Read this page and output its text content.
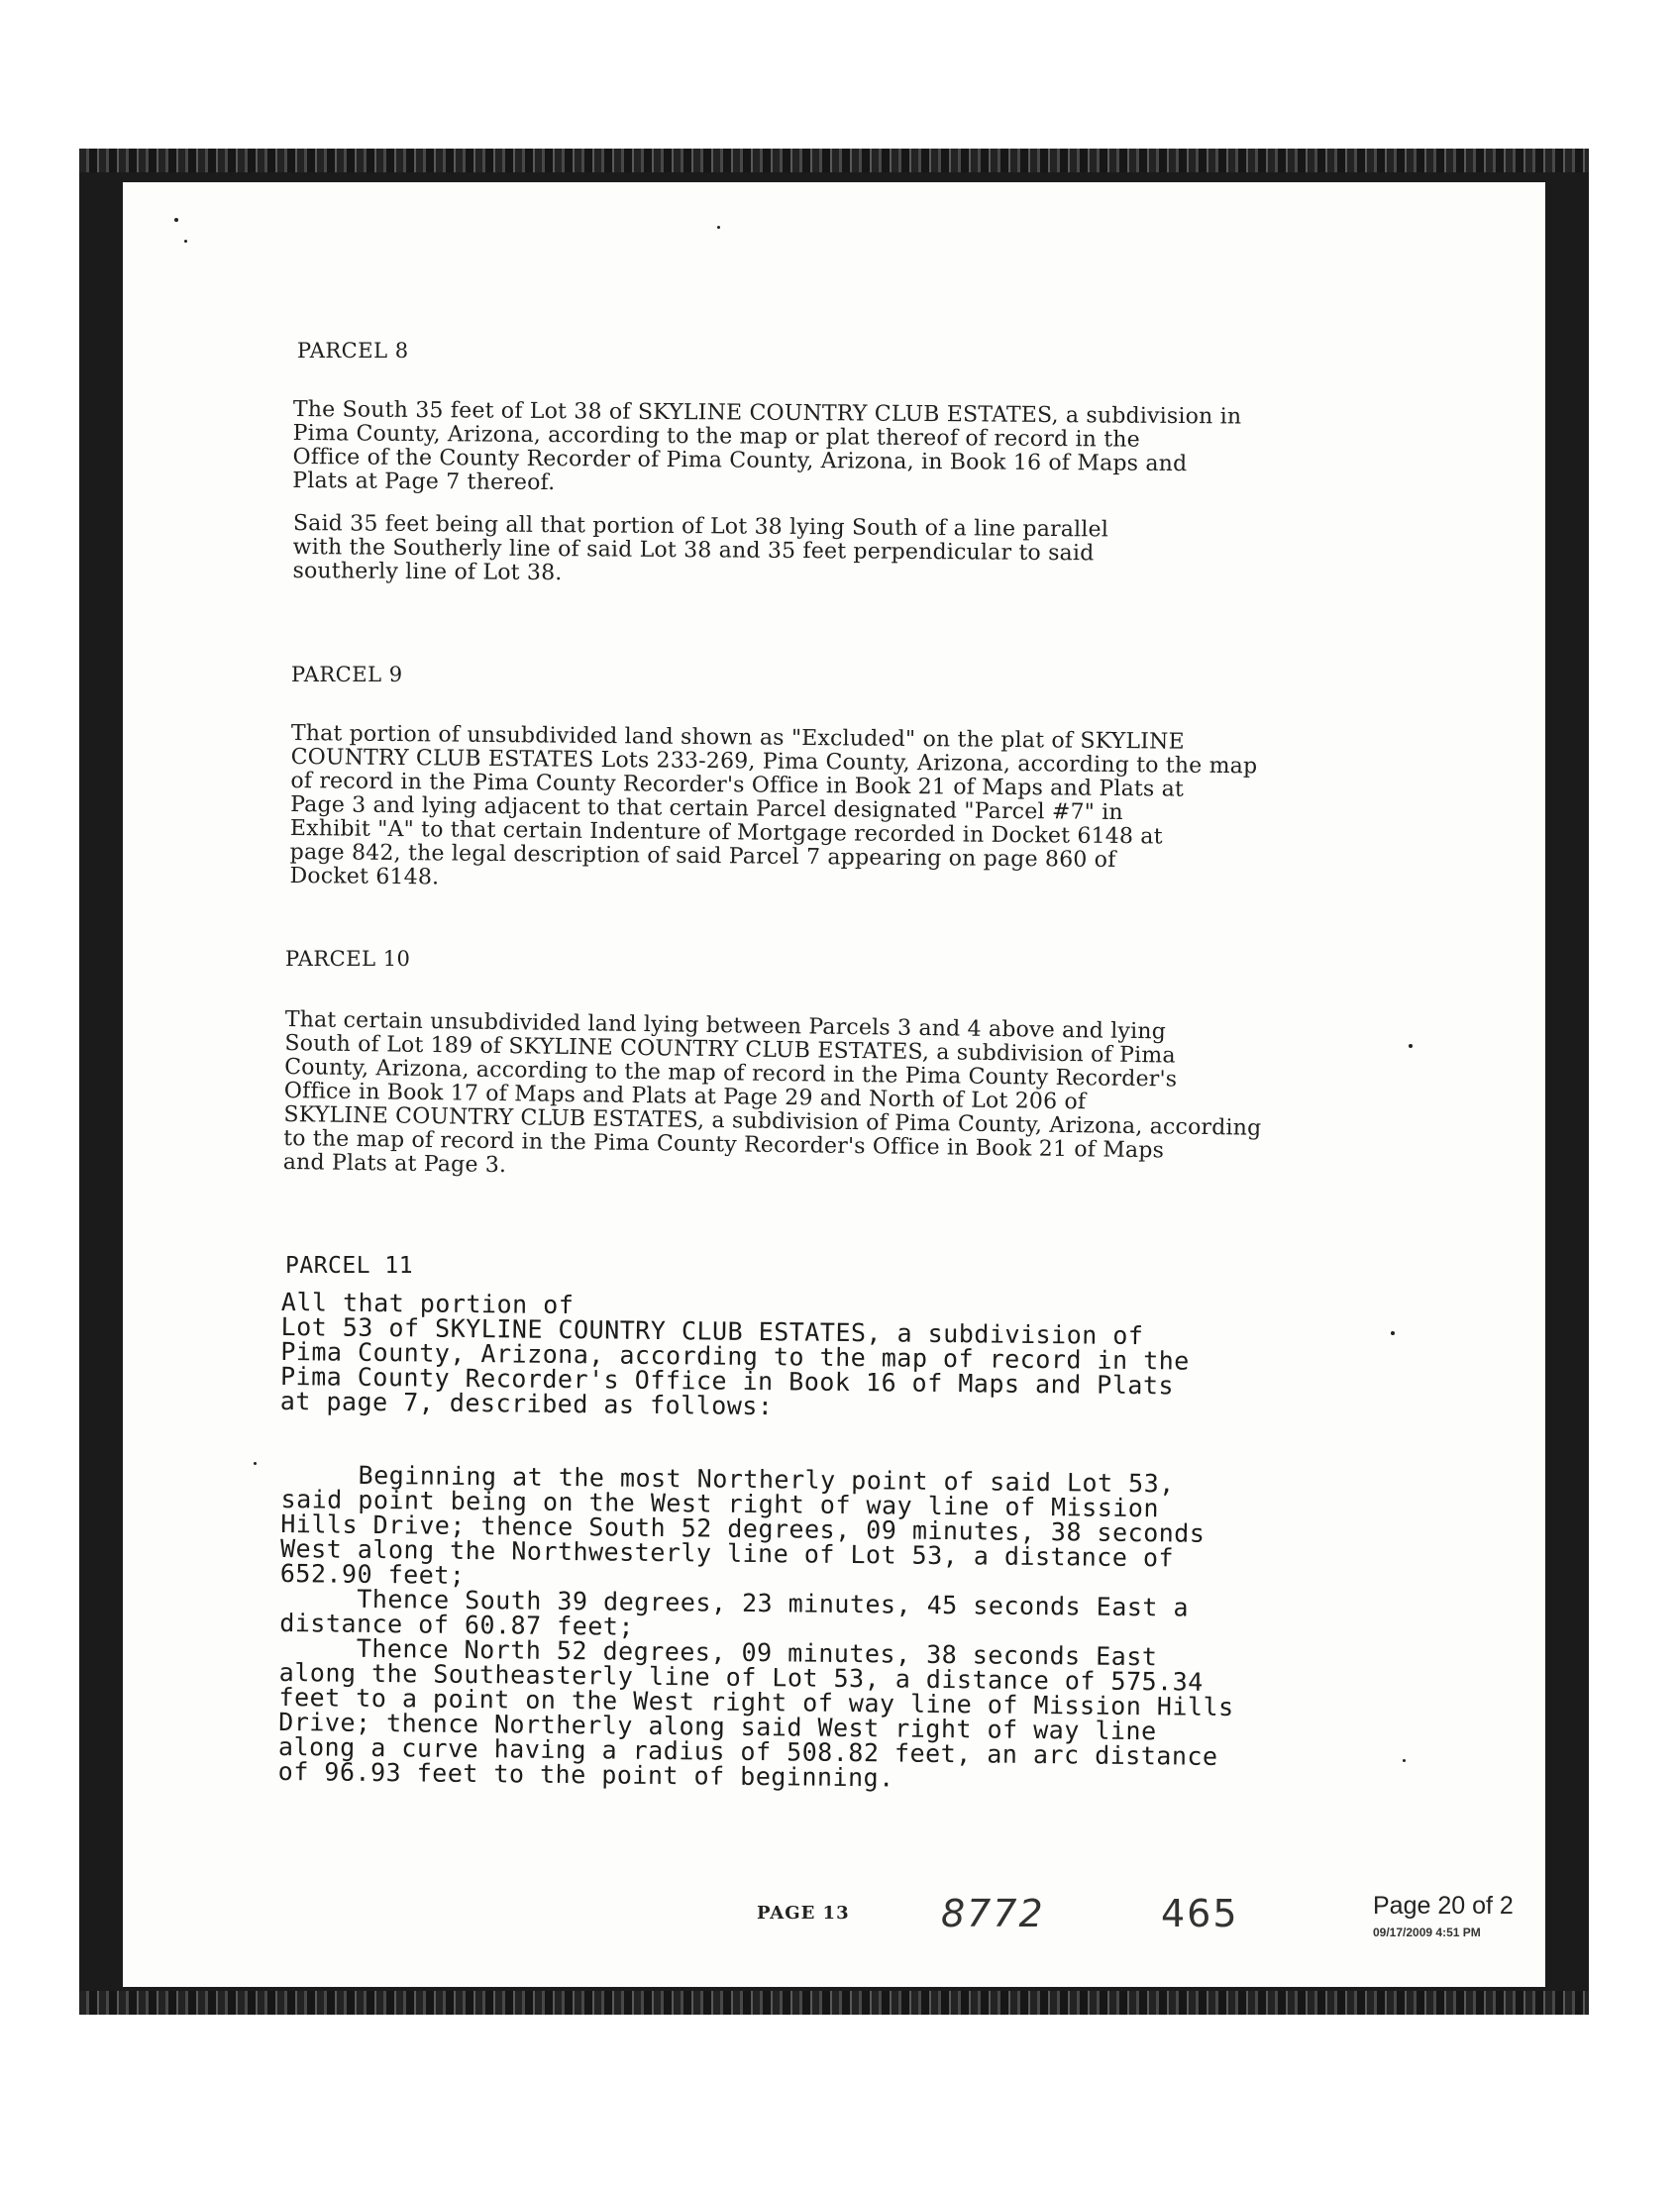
PARCEL 8
The South 35 feet of Lot 38 of SKYLINE COUNTRY CLUB ESTATES, a subdivision in
Pima County, Arizona, according to the map or plat thereof of record in the
Office of the County Recorder of Pima County, Arizona, in Book 16 of Maps and
Plats at Page 7 thereof.
Said 35 feet being all that portion of Lot 38 lying South of a line parallel
with the Southerly line of said Lot 38 and 35 feet perpendicular to said
southerly line of Lot 38.
PARCEL 9
That portion of unsubdivided land shown as "Excluded" on the plat of SKYLINE
COUNTRY CLUB ESTATES Lots 233-269, Pima County, Arizona, according to the map
of record in the Pima County Recorder's Office in Book 21 of Maps and Plats at
Page 3 and lying adjacent to that certain Parcel designated "Parcel #7" in
Exhibit "A" to that certain Indenture of Mortgage recorded in Docket 6148 at
page 842, the legal description of said Parcel 7 appearing on page 860 of
Docket 6148.
PARCEL 10
That certain unsubdivided land lying between Parcels 3 and 4 above and lying
South of Lot 189 of SKYLINE COUNTRY CLUB ESTATES, a subdivision of Pima
County, Arizona, according to the map of record in the Pima County Recorder's
Office in Book 17 of Maps and Plats at Page 29 and North of Lot 206 of
SKYLINE COUNTRY CLUB ESTATES, a subdivision of Pima County, Arizona, according
to the map of record in the Pima County Recorder's Office in Book 21 of Maps
and Plats at Page 3.
PARCEL 11
All that portion of
Lot 53 of SKYLINE COUNTRY CLUB ESTATES, a subdivision of
Pima County, Arizona, according to the map of record in the
Pima County Recorder's Office in Book 16 of Maps and Plats
at page 7, described as follows:
Beginning at the most Northerly point of said Lot 53,
said point being on the West right of way line of Mission
Hills Drive; thence South 52 degrees, 09 minutes, 38 seconds
West along the Northwesterly line of Lot 53, a distance of
652.90 feet;
Thence South 39 degrees, 23 minutes, 45 seconds East a
distance of 60.87 feet;
Thence North 52 degrees, 09 minutes, 38 seconds East
along the Southeasterly line of Lot 53, a distance of 575.34
feet to a point on the West right of way line of Mission Hills
Drive; thence Northerly along said West right of way line
along a curve having a radius of 508.82 feet, an arc distance
of 96.93 feet to the point of beginning.
PAGE 13 8772	465	Page 20 of 2
09/17/2009 4:51 PM
